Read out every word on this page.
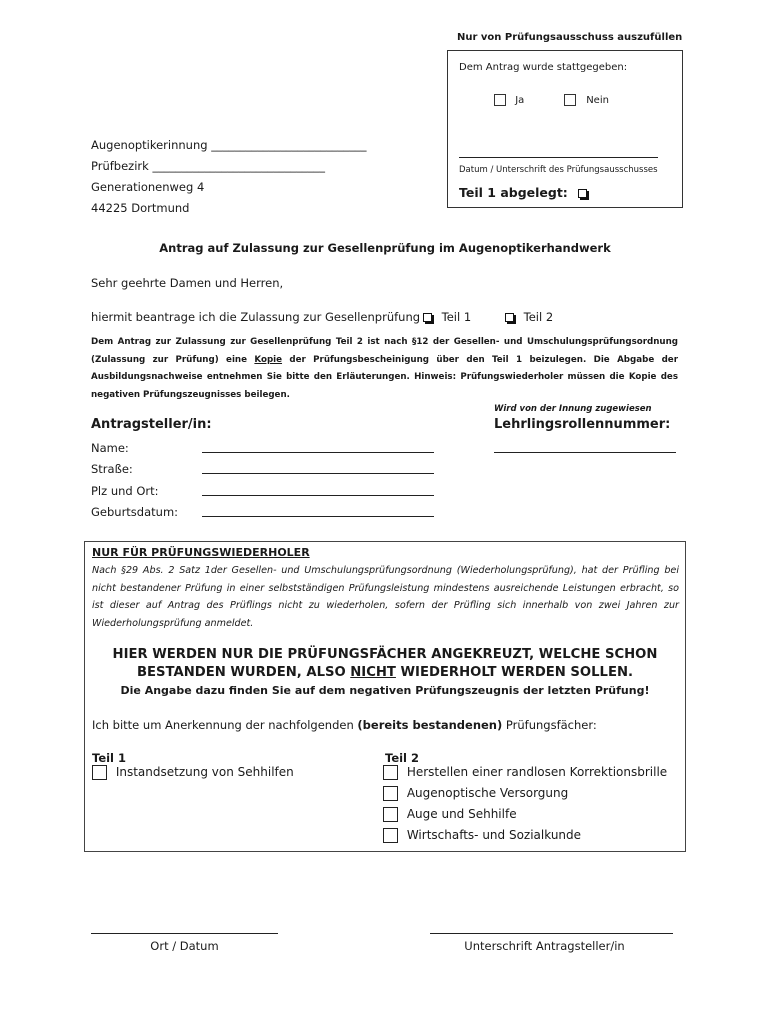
Nur von Prüfungsausschuss auszufüllen
Dem Antrag wurde stattgegeben:
Ja	Nein
Datum / Unterschrift des Prüfungsausschusses
Teil 1 abgelegt:
Augenoptikerinnung ___________________________
Prüfbezirk ______________________________
Generationenweg 4
44225 Dortmund
Antrag auf Zulassung zur Gesellenprüfung im Augenoptikerhandwerk
Sehr geehrte Damen und Herren,
hiermit beantrage ich die Zulassung zur Gesellenprüfung	Teil 1	Teil 2
Dem Antrag zur Zulassung zur Gesellenprüfung Teil 2 ist nach §12 der Gesellen- und Umschulungsprüfungsordnung (Zulassung zur Prüfung) eine Kopie der Prüfungsbescheinigung über den Teil 1 beizulegen. Die Abgabe der Ausbildungsnachweise entnehmen Sie bitte den Erläuterungen. Hinweis: Prüfungswiederholer müssen die Kopie des negativen Prüfungszeugnisses beilegen.
Wird von der Innung zugewiesen
Antragsteller/in:	Lehrlingsrollennummer:
Name:
Straße:
Plz und Ort:
Geburtsdatum:
NUR FÜR PRÜFUNGSWIEDERHOLER
Nach §29 Abs. 2 Satz 1der Gesellen- und Umschulungsprüfungsordnung (Wiederholungsprüfung), hat der Prüfling bei nicht bestandener Prüfung in einer selbstständigen Prüfungsleistung mindestens ausreichende Leistungen erbracht, so ist dieser auf Antrag des Prüflings nicht zu wiederholen, sofern der Prüfling sich innerhalb von zwei Jahren zur Wiederholungsprüfung anmeldet.
HIER WERDEN NUR DIE PRÜFUNGSFÄCHER ANGEKREUZT, WELCHE SCHON
BESTANDEN WURDEN, ALSO NICHT WIEDERHOLT WERDEN SOLLEN.
Die Angabe dazu finden Sie auf dem negativen Prüfungszeugnis der letzten Prüfung!
Ich bitte um Anerkennung der nachfolgenden (bereits bestandenen) Prüfungsfächer:
Teil 1
Instandsetzung von Sehhilfen
Teil 2
Herstellen einer randlosen Korrektionsbrille
Augenoptische Versorgung
Auge und Sehhilfe
Wirtschafts- und Sozialkunde
Ort / Datum	Unterschrift Antragsteller/in
